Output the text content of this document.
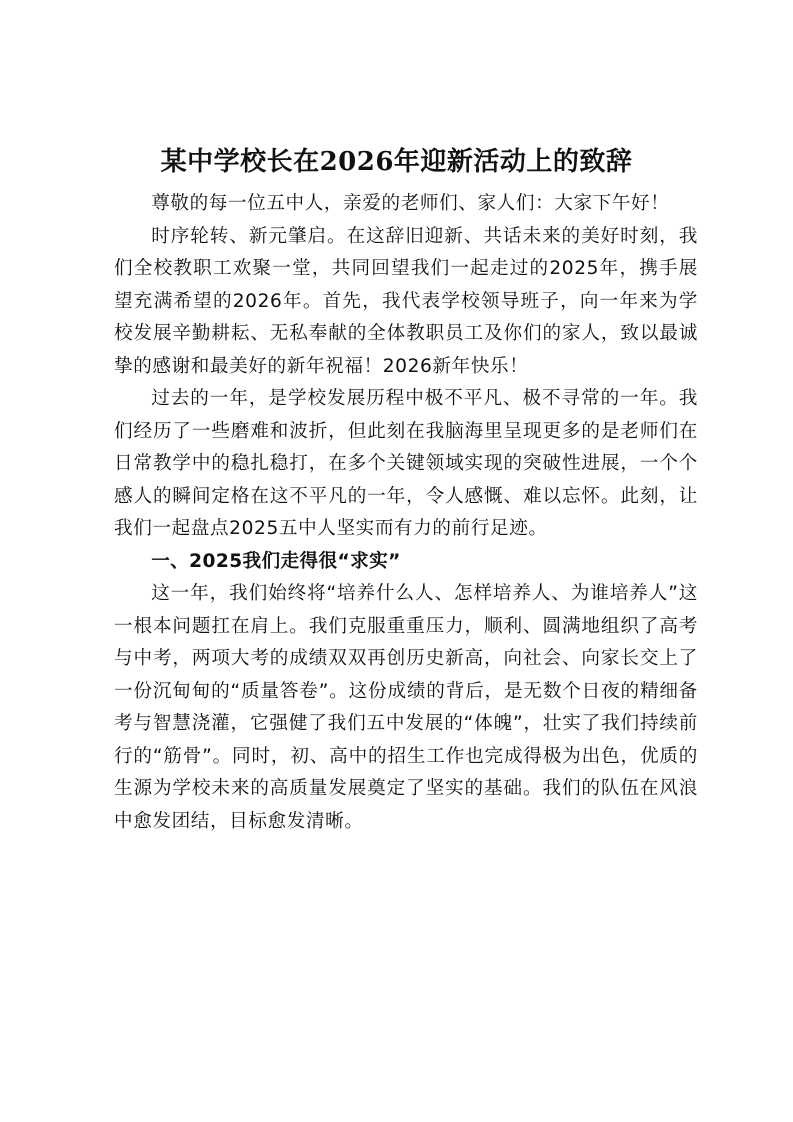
某中学校长在2026年迎新活动上的致辞

尊敬的每一位五中人，亲爱的老师们、家人们：大家下午好！

时序轮转、新元肇启。在这辞旧迎新、共话未来的美好时刻，我们全校教职工欢聚一堂，共同回望我们一起走过的2025年，携手展望充满希望的2026年。首先，我代表学校领导班子，向一年来为学校发展辛勤耕耘、无私奉献的全体教职员工及你们的家人，致以最诚挚的感谢和最美好的新年祝福！2026新年快乐！

过去的一年，是学校发展历程中极不平凡、极不寻常的一年。我们经历了一些磨难和波折，但此刻在我脑海里呈现更多的是老师们在日常教学中的稳扎稳打，在多个关键领域实现的突破性进展，一个个感人的瞬间定格在这不平凡的一年，令人感慨、难以忘怀。此刻，让我们一起盘点2025五中人坚实而有力的前行足迹。

一、2025我们走得很“求实”

这一年，我们始终将“培养什么人、怎样培养人、为谁培养人”这一根本问题扛在肩上。我们克服重重压力，顺利、圆满地组织了高考与中考，两项大考的成绩双双再创历史新高，向社会、向家长交上了一份沉甸甸的“质量答卷”。这份成绩的背后，是无数个日夜的精细备考与智慧浇灌，它强健了我们五中发展的“体魄”，壮实了我们持续前行的“筋骨”。同时，初、高中的招生工作也完成得极为出色，优质的生源为学校未来的高质量发展奠定了坚实的基础。我们的队伍在风浪中愈发团结，目标愈发清晰。
